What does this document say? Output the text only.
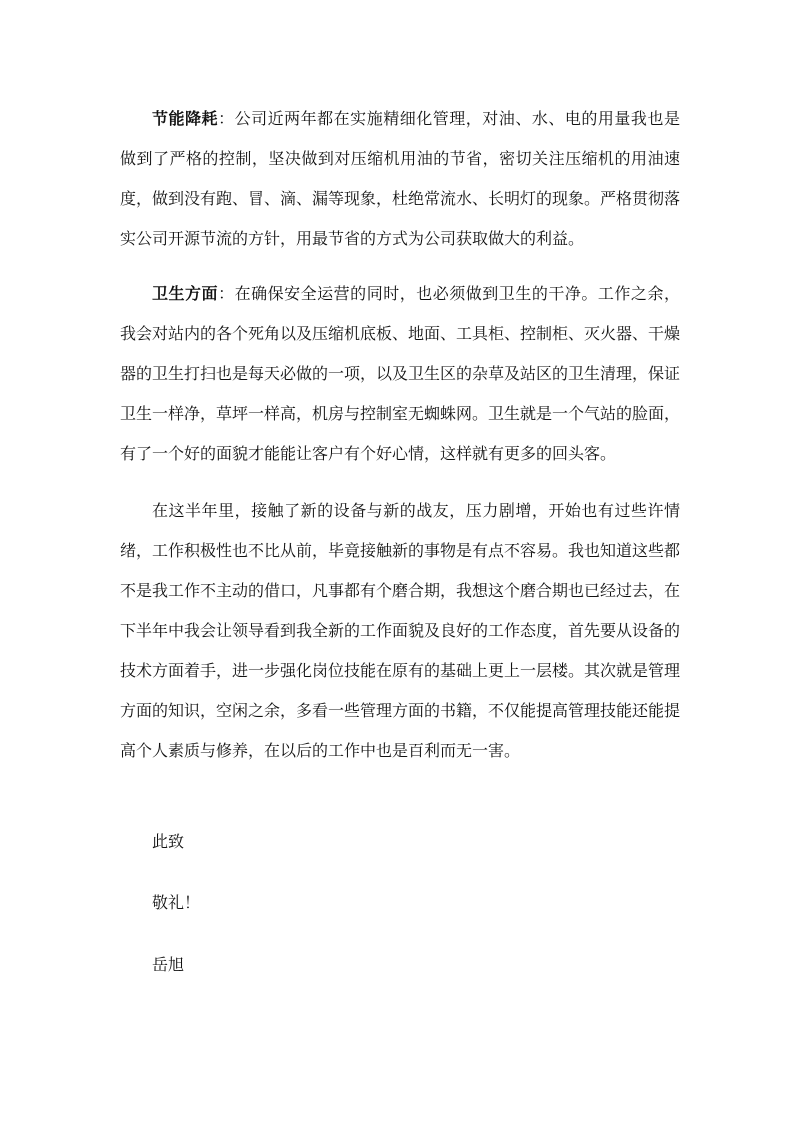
节能降耗：公司近两年都在实施精细化管理，对油、水、电的用量我也是做到了严格的控制，坚决做到对压缩机用油的节省，密切关注压缩机的用油速度，做到没有跑、冒、滴、漏等现象，杜绝常流水、长明灯的现象。严格贯彻落实公司开源节流的方针，用最节省的方式为公司获取做大的利益。

卫生方面：在确保安全运营的同时，也必须做到卫生的干净。工作之余，我会对站内的各个死角以及压缩机底板、地面、工具柜、控制柜、灭火器、干燥器的卫生打扫也是每天必做的一项，以及卫生区的杂草及站区的卫生清理，保证卫生一样净，草坪一样高，机房与控制室无蜘蛛网。卫生就是一个气站的脸面，有了一个好的面貌才能能让客户有个好心情，这样就有更多的回头客。

在这半年里，接触了新的设备与新的战友，压力剧增，开始也有过些许情绪，工作积极性也不比从前，毕竟接触新的事物是有点不容易。我也知道这些都不是我工作不主动的借口，凡事都有个磨合期，我想这个磨合期也已经过去，在下半年中我会让领导看到我全新的工作面貌及良好的工作态度，首先要从设备的技术方面着手，进一步强化岗位技能在原有的基础上更上一层楼。其次就是管理方面的知识，空闲之余，多看一些管理方面的书籍，不仅能提高管理技能还能提高个人素质与修养，在以后的工作中也是百利而无一害。

此致

敬礼！

岳旭
